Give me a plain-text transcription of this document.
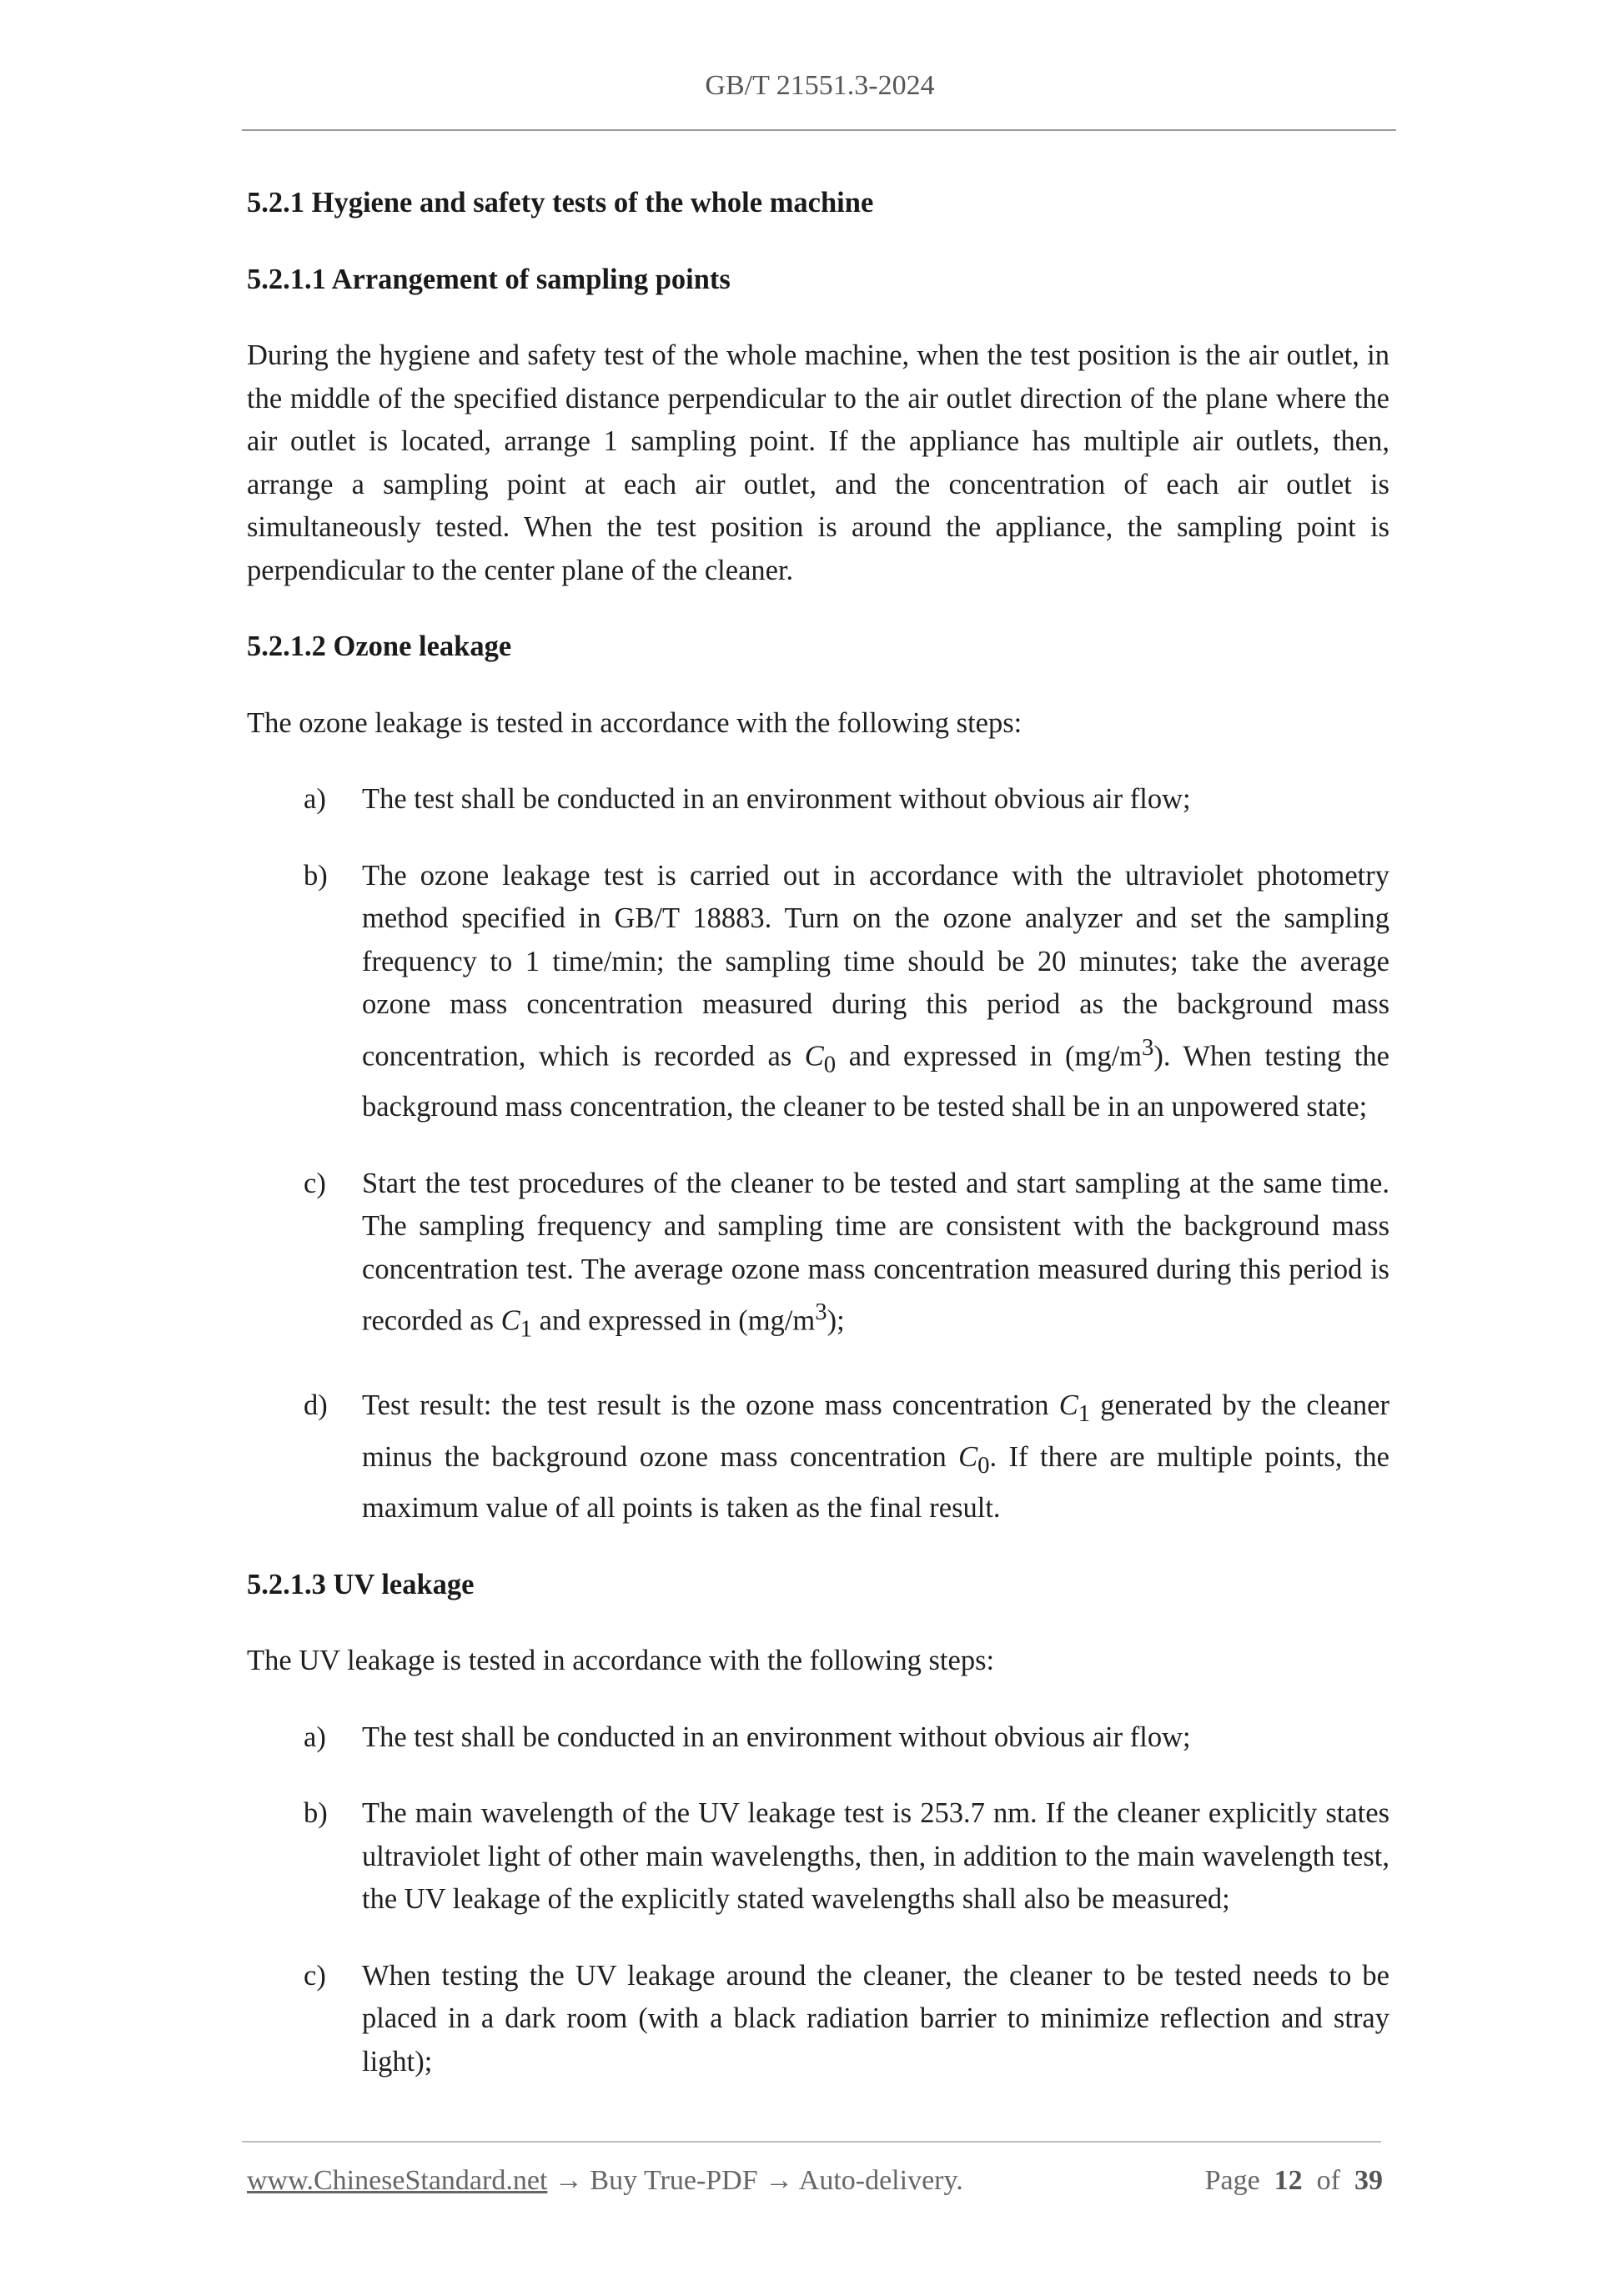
GB/T 21551.3-2024
5.2.1 Hygiene and safety tests of the whole machine
5.2.1.1 Arrangement of sampling points

During the hygiene and safety test of the whole machine, when the test position is the air outlet, in the middle of the specified distance perpendicular to the air outlet direction of the plane where the air outlet is located, arrange 1 sampling point. If the appliance has multiple air outlets, then, arrange a sampling point at each air outlet, and the concentration of each air outlet is simultaneously tested. When the test position is around the appliance, the sampling point is perpendicular to the center plane of the cleaner.

5.2.1.2 Ozone leakage

The ozone leakage is tested in accordance with the following steps:

a)	The test shall be conducted in an environment without obvious air flow;
b)	The ozone leakage test is carried out in accordance with the ultraviolet photometry method specified in GB/T 18883. Turn on the ozone analyzer and set the sampling frequency to 1 time/min; the sampling time should be 20 minutes; take the average ozone mass concentration measured during this period as the background mass concentration, which is recorded as $C_0$ and expressed in $(mg/m^3)$. When testing the background mass concentration, the cleaner to be tested shall be in an unpowered state;
c)	Start the test procedures of the cleaner to be tested and start sampling at the same time. The sampling frequency and sampling time are consistent with the background mass concentration test. The average ozone mass concentration measured during this period is recorded as $C_1$ and expressed in $(mg/m^3)$;
d)	Test result: the test result is the ozone mass concentration $C_1$ generated by the cleaner minus the background ozone mass concentration $C_0$. If there are multiple points, the maximum value of all points is taken as the final result.
5.2.1.3 UV leakage

The UV leakage is tested in accordance with the following steps:

a)	The test shall be conducted in an environment without obvious air flow;
b)	The main wavelength of the UV leakage test is 253.7 nm. If the cleaner explicitly states ultraviolet light of other main wavelengths, then, in addition to the main wavelength test, the UV leakage of the explicitly stated wavelengths shall also be measured;
c)	When testing the UV leakage around the cleaner, the cleaner to be tested needs to be placed in a dark room (with a black radiation barrier to minimize reflection and stray light);
www.ChineseStandard.net → Buy True-PDF → Auto-delivery.	Page 12 of 39
